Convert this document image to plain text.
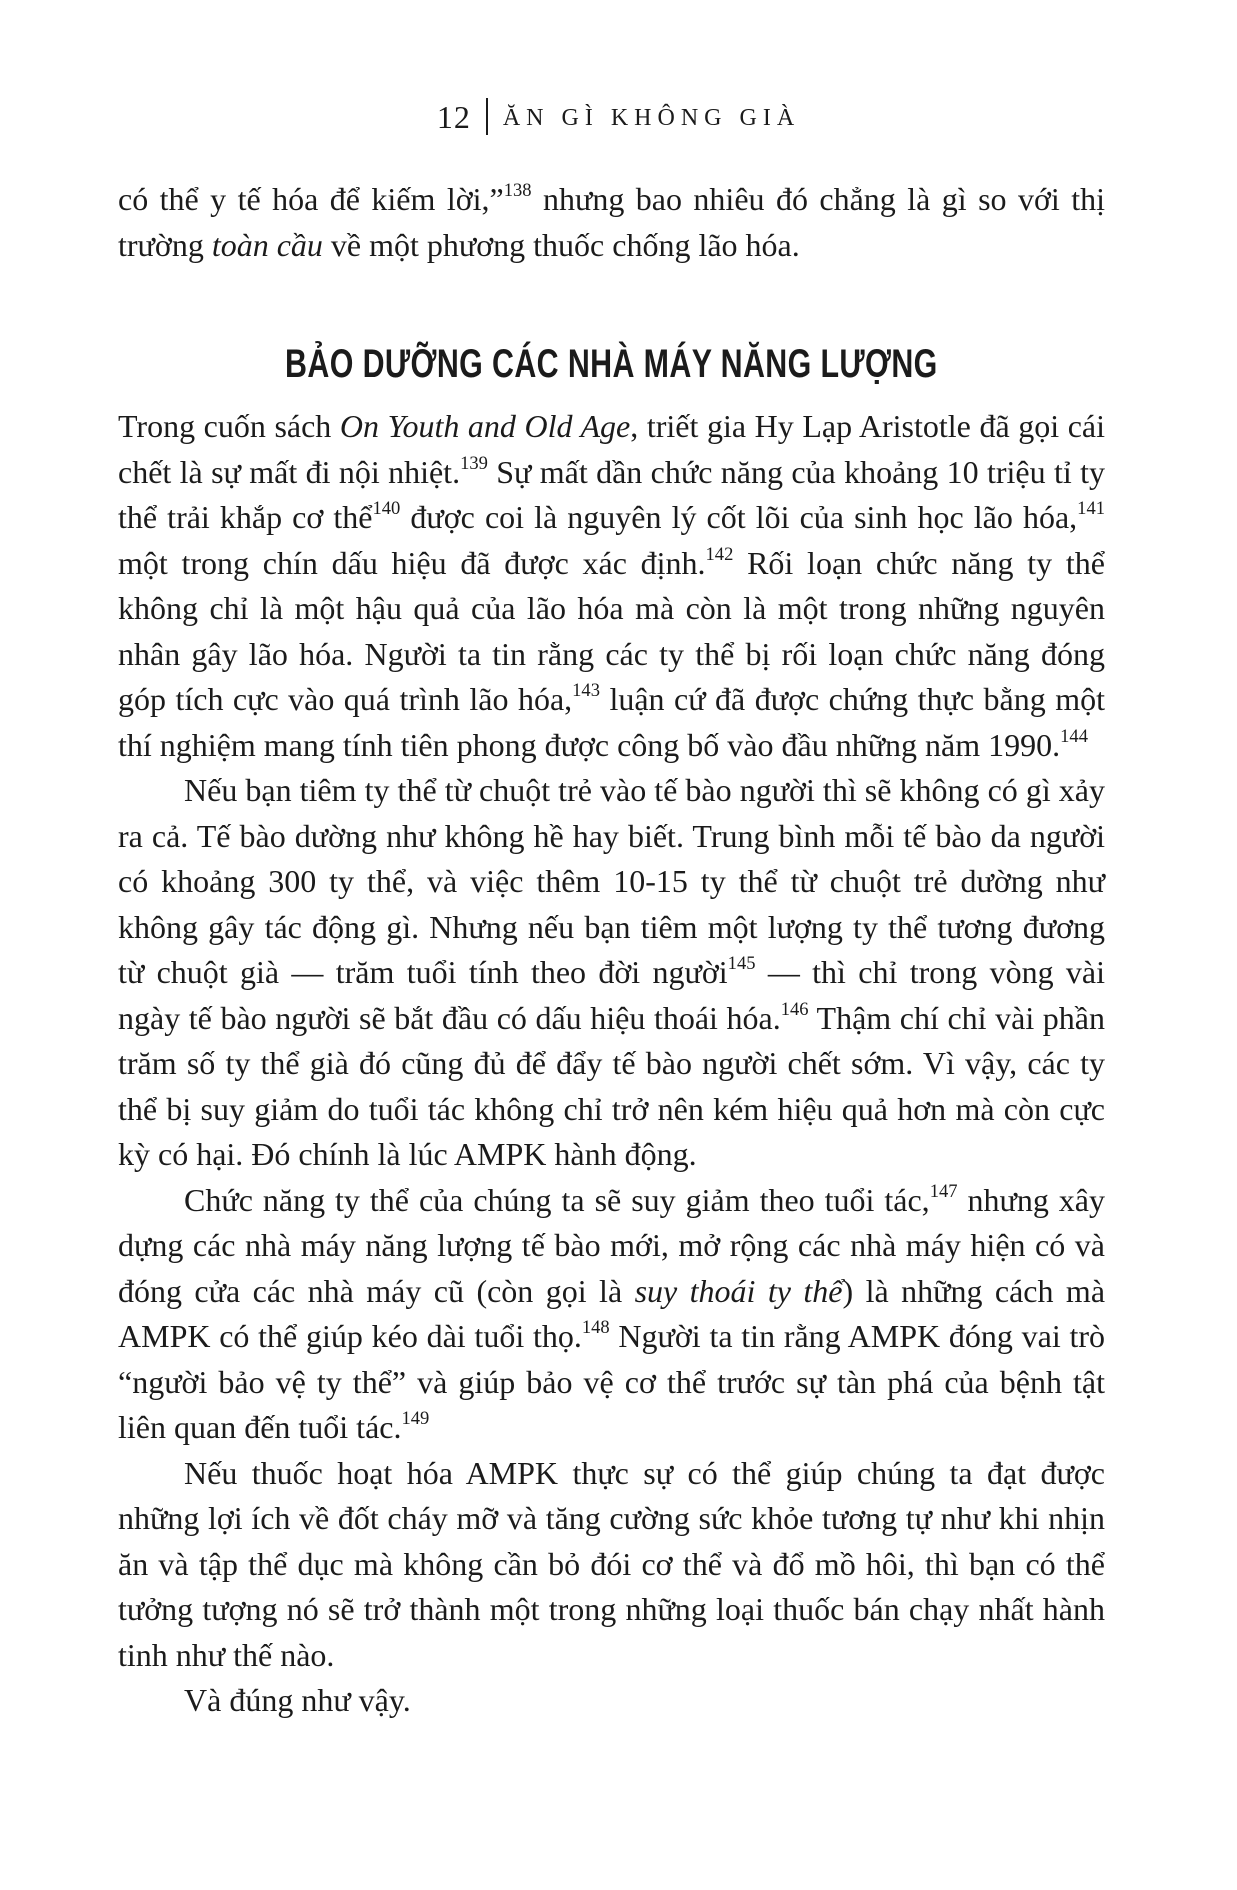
12 ĂN GÌ KHÔNG GIÀ

có thể y tế hóa để kiếm lời,”$^{138}$ nhưng bao nhiêu đó chẳng là gì so với thị trường toàn cầu về một phương thuốc chống lão hóa.

BẢO DƯỠNG CÁC NHÀ MÁY NĂNG LƯỢNG

Trong cuốn sách On Youth and Old Age, triết gia Hy Lạp Aristotle đã gọi cái chết là sự mất đi nội nhiệt.$^{139}$ Sự mất dần chức năng của khoảng 10 triệu tỉ ty thể trải khắp cơ thể$^{140}$ được coi là nguyên lý cốt lõi của sinh học lão hóa,$^{141}$ một trong chín dấu hiệu đã được xác định.$^{142}$ Rối loạn chức năng ty thể không chỉ là một hậu quả của lão hóa mà còn là một trong những nguyên nhân gây lão hóa. Người ta tin rằng các ty thể bị rối loạn chức năng đóng góp tích cực vào quá trình lão hóa,$^{143}$ luận cứ đã được chứng thực bằng một thí nghiệm mang tính tiên phong được công bố vào đầu những năm 1990.$^{144}$

Nếu bạn tiêm ty thể từ chuột trẻ vào tế bào người thì sẽ không có gì xảy ra cả. Tế bào dường như không hề hay biết. Trung bình mỗi tế bào da người có khoảng 300 ty thể, và việc thêm 10-15 ty thể từ chuột trẻ dường như không gây tác động gì. Nhưng nếu bạn tiêm một lượng ty thể tương đương từ chuột già — trăm tuổi tính theo đời người$^{145}$ — thì chỉ trong vòng vài ngày tế bào người sẽ bắt đầu có dấu hiệu thoái hóa.$^{146}$ Thậm chí chỉ vài phần trăm số ty thể già đó cũng đủ để đẩy tế bào người chết sớm. Vì vậy, các ty thể bị suy giảm do tuổi tác không chỉ trở nên kém hiệu quả hơn mà còn cực kỳ có hại. Đó chính là lúc AMPK hành động.

Chức năng ty thể của chúng ta sẽ suy giảm theo tuổi tác,$^{147}$ nhưng xây dựng các nhà máy năng lượng tế bào mới, mở rộng các nhà máy hiện có và đóng cửa các nhà máy cũ (còn gọi là suy thoái ty thể) là những cách mà AMPK có thể giúp kéo dài tuổi thọ.$^{148}$ Người ta tin rằng AMPK đóng vai trò “người bảo vệ ty thể” và giúp bảo vệ cơ thể trước sự tàn phá của bệnh tật liên quan đến tuổi tác.$^{149}$

Nếu thuốc hoạt hóa AMPK thực sự có thể giúp chúng ta đạt được những lợi ích về đốt cháy mỡ và tăng cường sức khỏe tương tự như khi nhịn ăn và tập thể dục mà không cần bỏ đói cơ thể và đổ mồ hôi, thì bạn có thể tưởng tượng nó sẽ trở thành một trong những loại thuốc bán chạy nhất hành tinh như thế nào.

Và đúng như vậy.
